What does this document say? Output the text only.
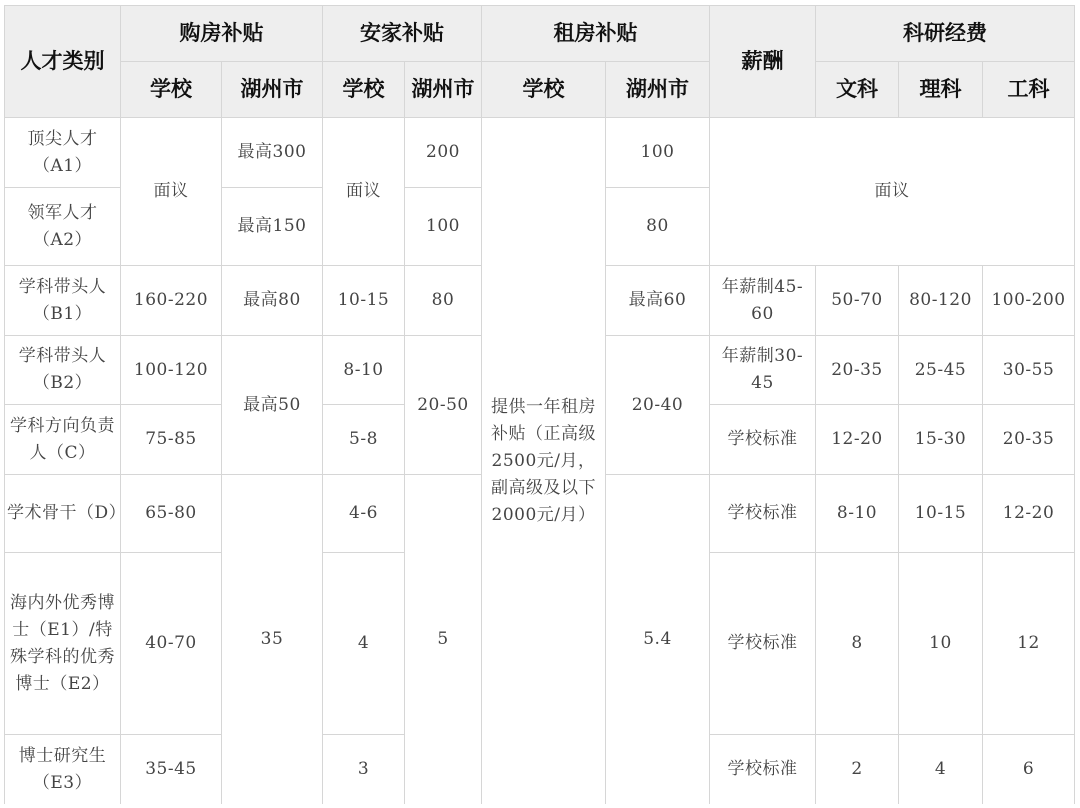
人才类别	购房补贴		安家补贴		租房补贴		薪酬	科研经费		
	学校	湖州市	学校	湖州市	学校	湖州市		文科	理科	工科
顶尖人才（A1）	面议	最高300	面议	200	提供一年租房补贴（正高级2500元/月，副高级及以下2000元/月）	100	面议			
领军人才（A2）		最高150		100		80				
学科带头人（B1）	160-220	最高80	10-15	80		最高60	年薪制45-60	50-70	80-120	100-200
学科带头人（B2）	100-120	最高50	8-10	20-50		20-40	年薪制30-45	20-35	25-45	30-55
学科方向负责人（C）	75-85		5-8				学校标准	12-20	15-30	20-35
学术骨干（D）	65-80	35	4-6	5		5.4	学校标准	8-10	10-15	12-20
海内外优秀博士（E1）/特殊学科的优秀博士（E2）	40-70		4				学校标准	8	10	12
博士研究生（E3）	35-45		3				学校标准	2	4	6
